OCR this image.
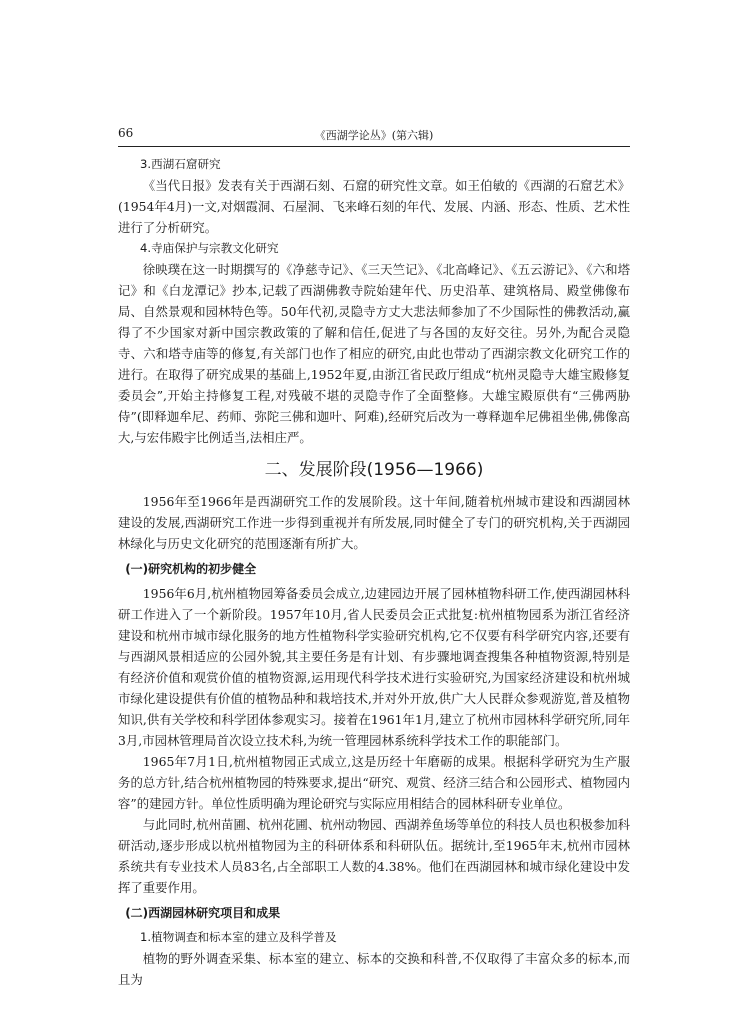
66	《西湖学论丛》(第六辑)
3.西湖石窟研究

《当代日报》发表有关于西湖石刻、石窟的研究性文章。如王伯敏的《西湖的石窟艺术》(1954年4月)一文,对烟霞洞、石屋洞、飞来峰石刻的年代、发展、内涵、形态、性质、艺术性进行了分析研究。

4.寺庙保护与宗教文化研究

徐映璞在这一时期撰写的《净慈寺记》、《三天竺记》、《北高峰记》、《五云游记》、《六和塔记》和《白龙潭记》抄本,记载了西湖佛教寺院始建年代、历史沿革、建筑格局、殿堂佛像布局、自然景观和园林特色等。50年代初,灵隐寺方丈大悲法师参加了不少国际性的佛教活动,赢得了不少国家对新中国宗教政策的了解和信任,促进了与各国的友好交往。另外,为配合灵隐寺、六和塔寺庙等的修复,有关部门也作了相应的研究,由此也带动了西湖宗教文化研究工作的进行。在取得了研究成果的基础上,1952年夏,由浙江省民政厅组成“杭州灵隐寺大雄宝殿修复委员会”,开始主持修复工程,对残破不堪的灵隐寺作了全面整修。大雄宝殿原供有“三佛两胁侍”(即释迦牟尼、药师、弥陀三佛和迦叶、阿难),经研究后改为一尊释迦牟尼佛祖坐佛,佛像高大,与宏伟殿宇比例适当,法相庄严。

二、发展阶段(1956—1966)

1956年至1966年是西湖研究工作的发展阶段。这十年间,随着杭州城市建设和西湖园林建设的发展,西湖研究工作进一步得到重视并有所发展,同时健全了专门的研究机构,关于西湖园林绿化与历史文化研究的范围逐渐有所扩大。

(一)研究机构的初步健全

1956年6月,杭州植物园筹备委员会成立,边建园边开展了园林植物科研工作,使西湖园林科研工作进入了一个新阶段。1957年10月,省人民委员会正式批复:杭州植物园系为浙江省经济建设和杭州市城市绿化服务的地方性植物科学实验研究机构,它不仅要有科学研究内容,还要有与西湖风景相适应的公园外貌,其主要任务是有计划、有步骤地调查搜集各种植物资源,特别是有经济价值和观赏价值的植物资源,运用现代科学技术进行实验研究,为国家经济建设和杭州城市绿化建设提供有价值的植物品种和栽培技术,并对外开放,供广大人民群众参观游览,普及植物知识,供有关学校和科学团体参观实习。接着在1961年1月,建立了杭州市园林科学研究所,同年3月,市园林管理局首次设立技术科,为统一管理园林系统科学技术工作的职能部门。

1965年7月1日,杭州植物园正式成立,这是历经十年磨砺的成果。根据科学研究为生产服务的总方针,结合杭州植物园的特殊要求,提出“研究、观赏、经济三结合和公园形式、植物园内容”的建园方针。单位性质明确为理论研究与实际应用相结合的园林科研专业单位。

与此同时,杭州苗圃、杭州花圃、杭州动物园、西湖养鱼场等单位的科技人员也积极参加科研活动,逐步形成以杭州植物园为主的科研体系和科研队伍。据统计,至1965年末,杭州市园林系统共有专业技术人员83名,占全部职工人数的4.38%。他们在西湖园林和城市绿化建设中发挥了重要作用。

(二)西湖园林研究项目和成果
1.植物调查和标本室的建立及科学普及

植物的野外调查采集、标本室的建立、标本的交换和科普,不仅取得了丰富众多的标本,而且为
